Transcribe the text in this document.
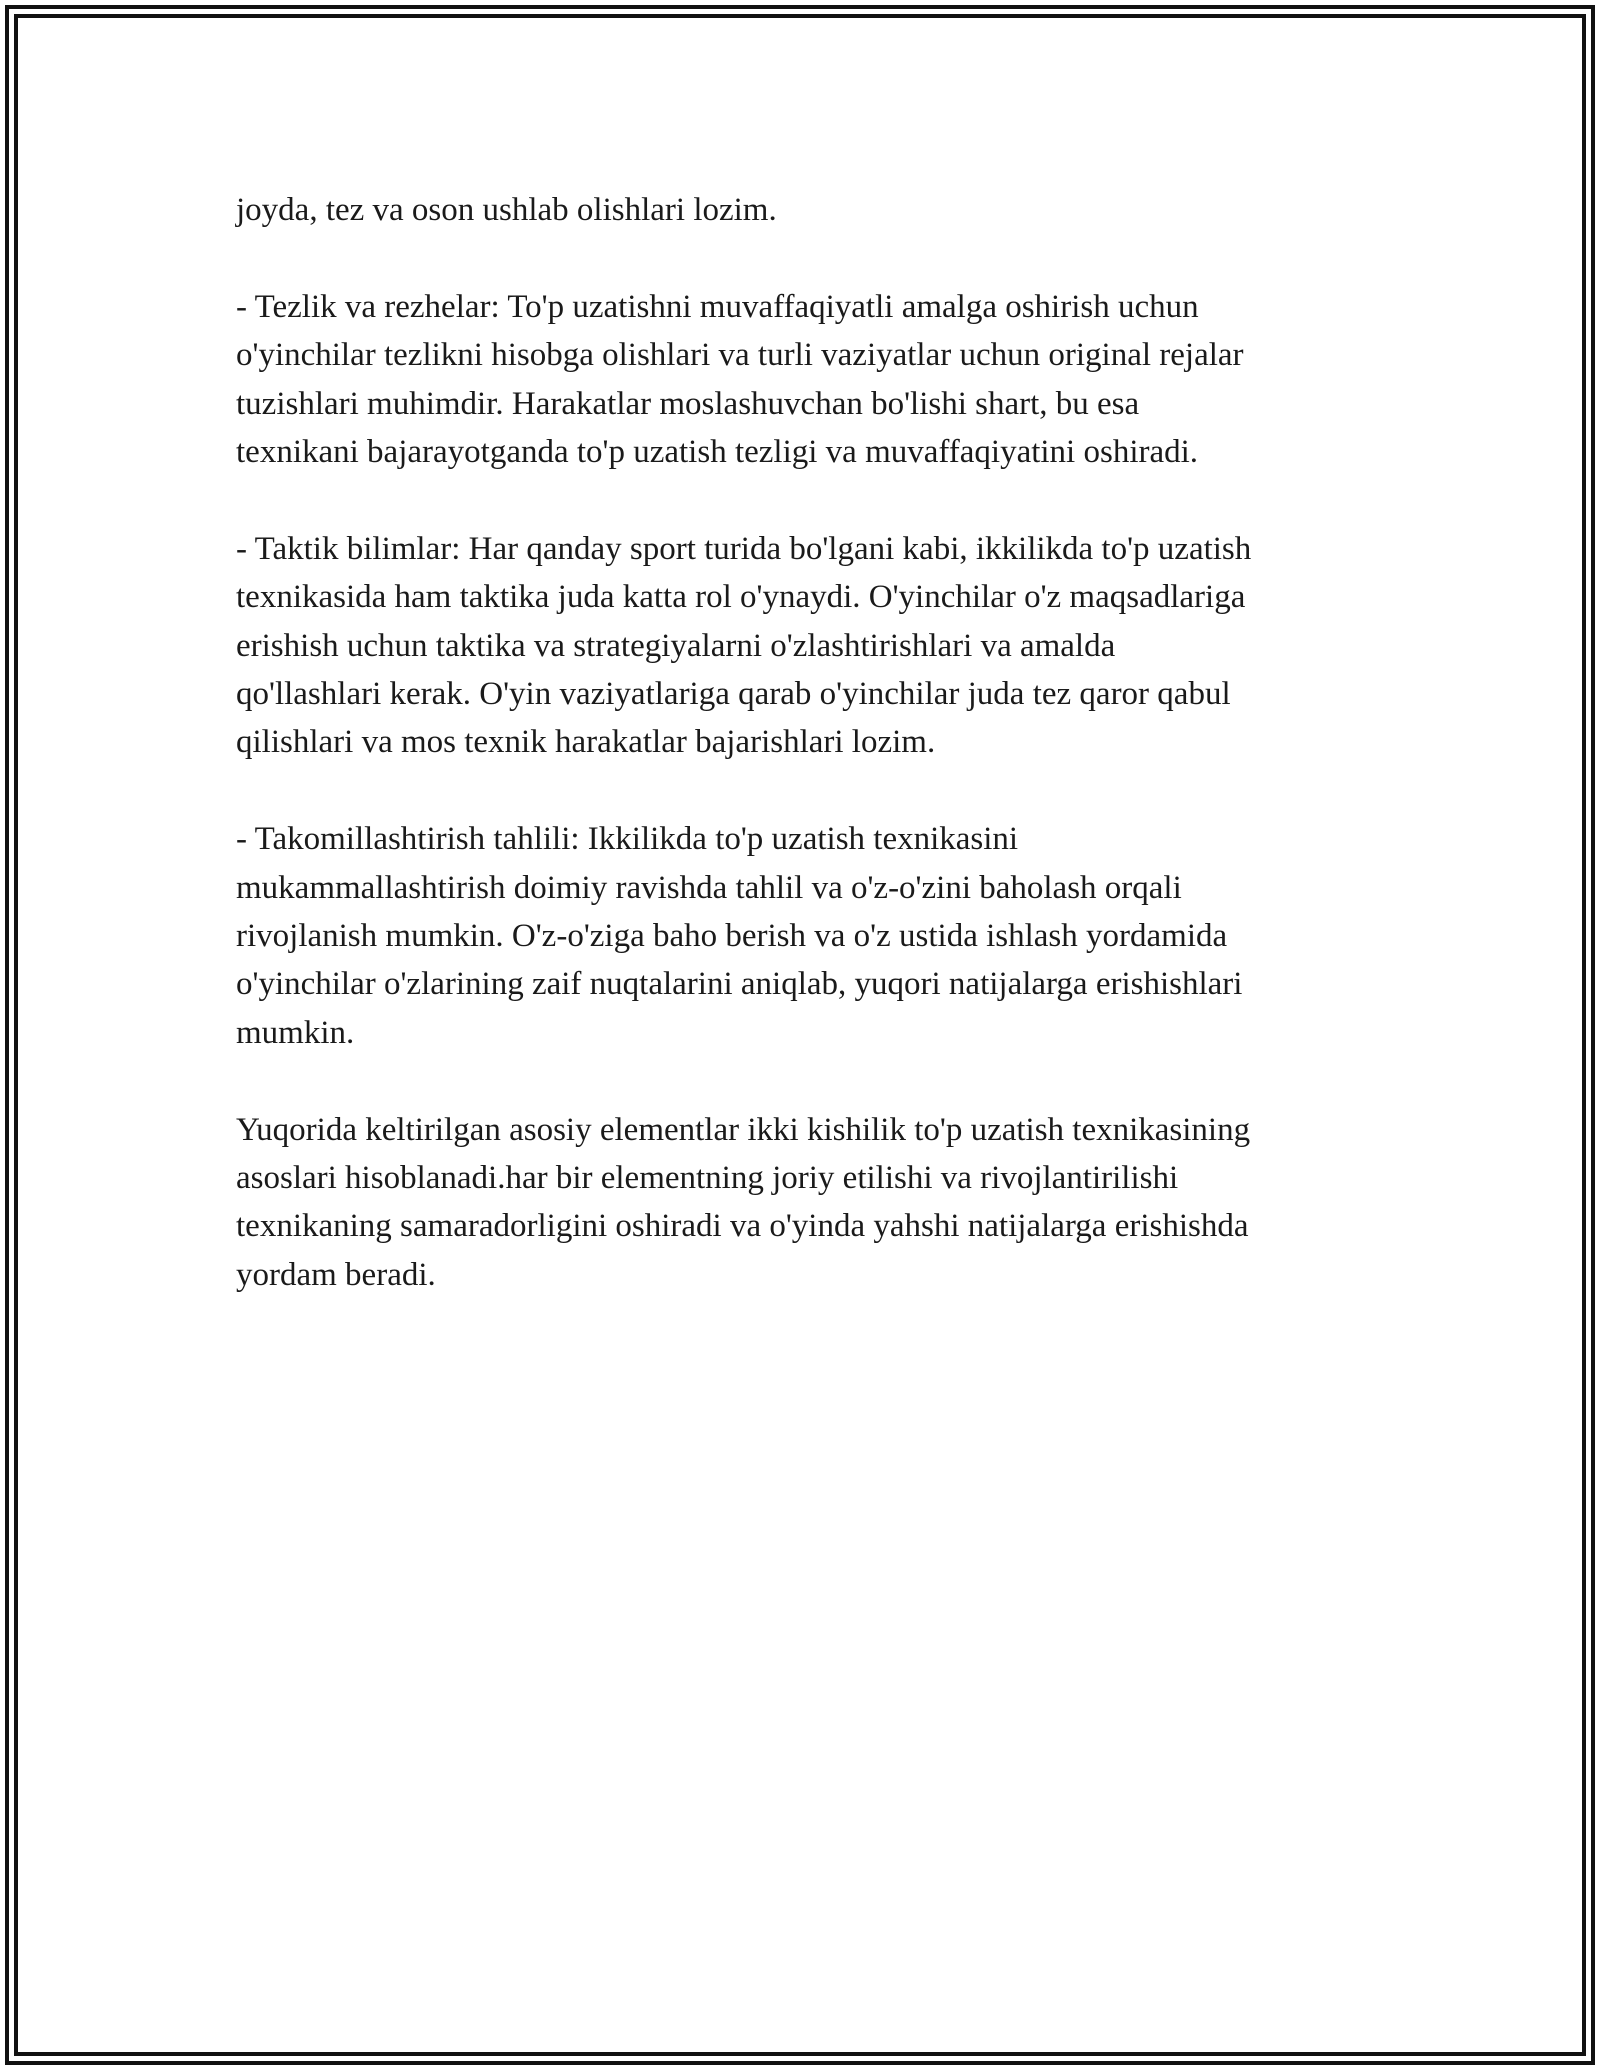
joyda, tez va oson ushlab olishlari lozim.

- Tezlik va rezhelar: To'p uzatishni muvaffaqiyatli amalga oshirish uchun
o'yinchilar tezlikni hisobga olishlari va turli vaziyatlar uchun original rejalar
tuzishlari muhimdir. Harakatlar moslashuvchan bo'lishi shart, bu esa
texnikani bajarayotganda to'p uzatish tezligi va muvaffaqiyatini oshiradi.

- Taktik bilimlar: Har qanday sport turida bo'lgani kabi, ikkilikda to'p uzatish
texnikasida ham taktika juda katta rol o'ynaydi. O'yinchilar o'z maqsadlariga
erishish uchun taktika va strategiyalarni o'zlashtirishlari va amalda
qo'llashlari kerak. O'yin vaziyatlariga qarab o'yinchilar juda tez qaror qabul
qilishlari va mos texnik harakatlar bajarishlari lozim.

- Takomillashtirish tahlili: Ikkilikda to'p uzatish texnikasini
mukammallashtirish doimiy ravishda tahlil va o'z-o'zini baholash orqali
rivojlanish mumkin. O'z-o'ziga baho berish va o'z ustida ishlash yordamida
o'yinchilar o'zlarining zaif nuqtalarini aniqlab, yuqori natijalarga erishishlari
mumkin.

Yuqorida keltirilgan asosiy elementlar ikki kishilik to'p uzatish texnikasining
asoslari hisoblanadi.har bir elementning joriy etilishi va rivojlantirilishi
texnikaning samaradorligini oshiradi va o'yinda yahshi natijalarga erishishda
yordam beradi.
